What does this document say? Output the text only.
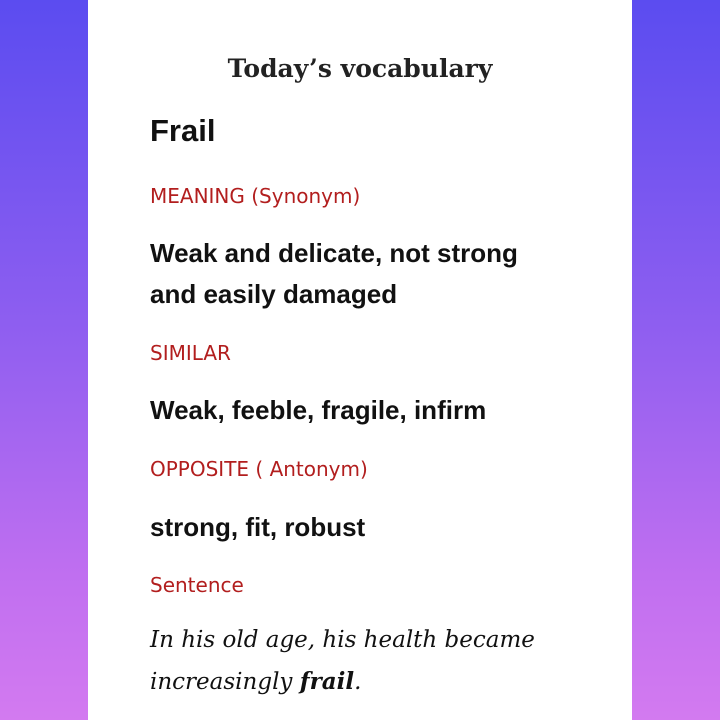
Today’s vocabulary
Frail

MEANING (Synonym)

Weak and delicate, not strong
and easily damaged

SIMILAR

Weak, feeble, fragile, infirm

OPPOSITE ( Antonym)

strong, fit, robust

Sentence

In his old age, his health became
increasingly frail.
